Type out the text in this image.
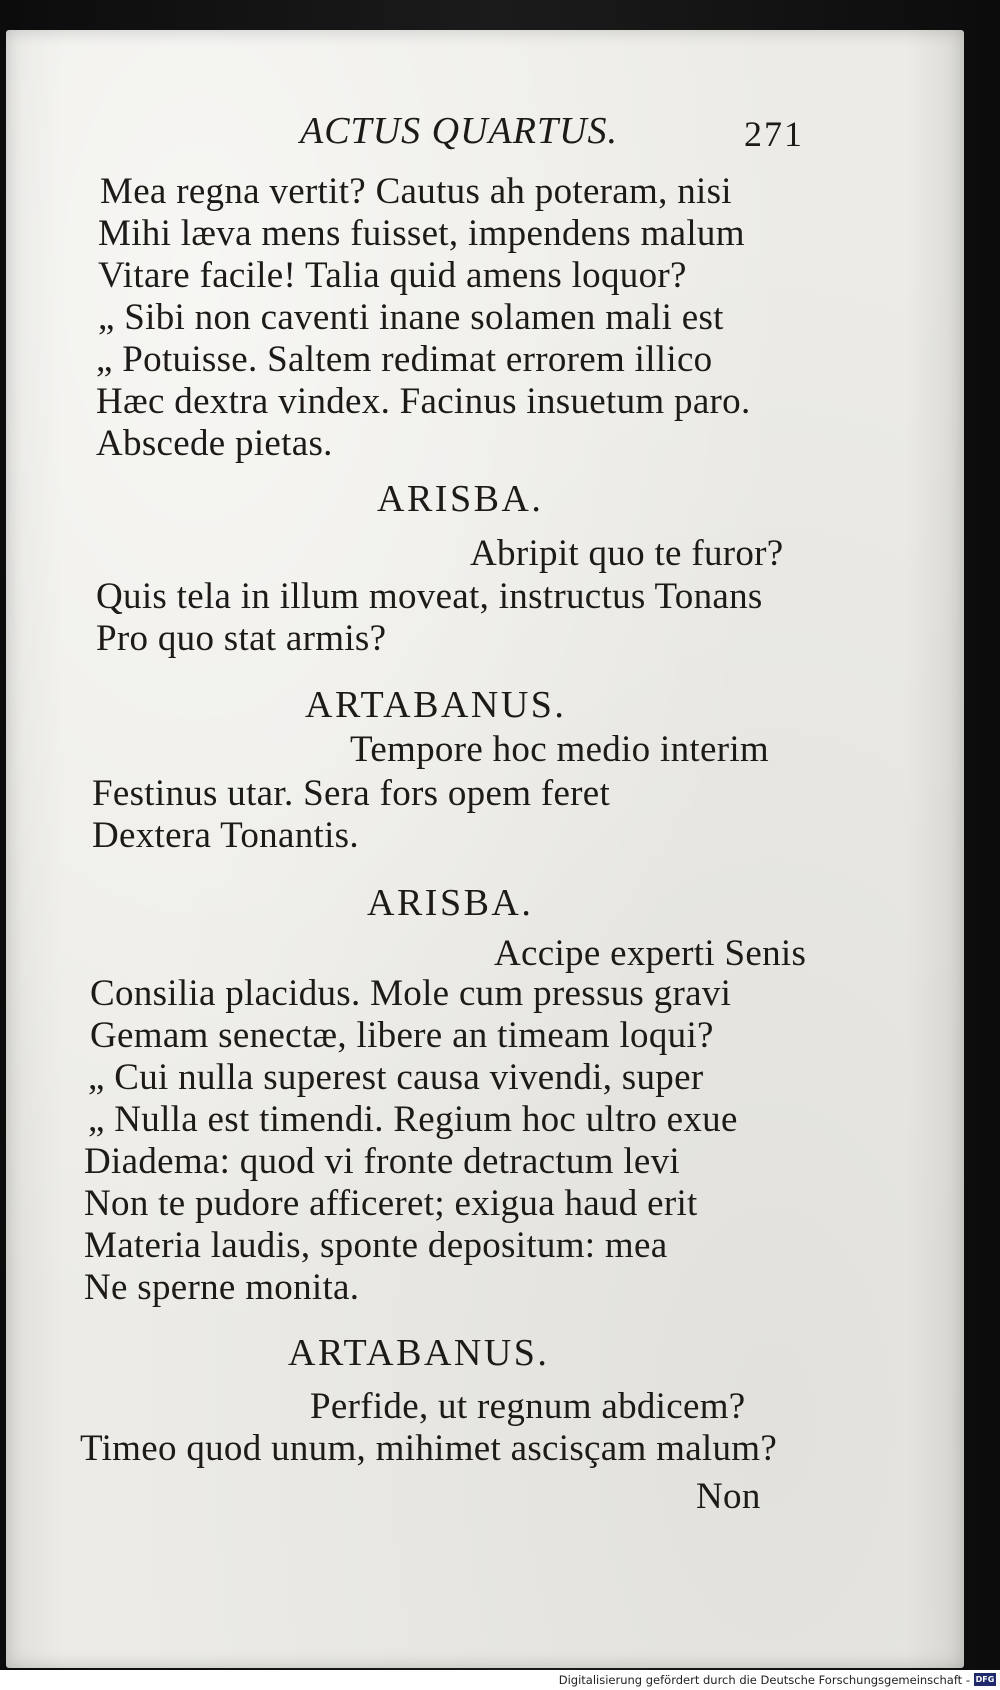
ACTUS QUARTUS.	271
Mea regna vertit? Cautus ah poteram, nisi
Mihi læva mens fuisset, impendens malum
Vitare facile! Talia quid amens loquor?
„ Sibi non caventi inane solamen mali est
„ Potuisse. Saltem redimat errorem illico
Hæc dextra vindex. Facinus insuetum paro.
Abscede pietas.
ARISBA.
Abripit quo te furor?
Quis tela in illum moveat, instructus Tonans
Pro quo stat armis?
ARTABANUS.
Tempore hoc medio interim
Festinus utar. Sera fors opem feret
Dextera Tonantis.
ARISBA.
Accipe experti Senis
Consilia placidus. Mole cum pressus gravi
Gemam senectæ, libere an timeam loqui?
„ Cui nulla superest causa vivendi, super
„ Nulla est timendi. Regium hoc ultro exue
Diadema: quod vi fronte detractum levi
Non te pudore afficeret; exigua haud erit
Materia laudis, sponte depositum: mea
Ne sperne monita.
ARTABANUS.
Perfide, ut regnum abdicem?
Timeo quod unum, mihimet ascisçam malum?
Non
Digitalisierung gefördert durch die Deutsche Forschungsgemeinschaft - DFG
